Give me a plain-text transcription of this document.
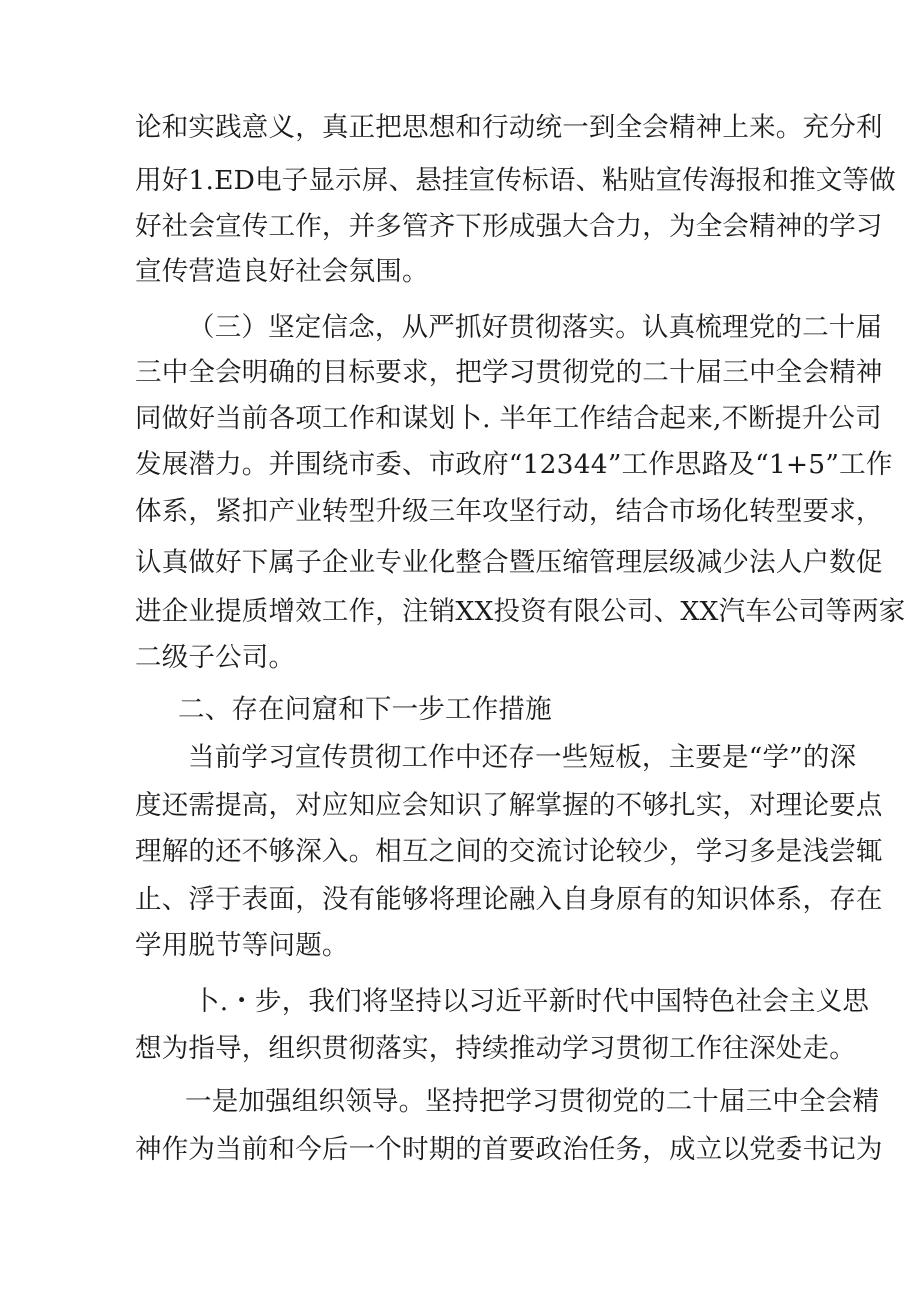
论和实践意义，真正把思想和行动统一到全会精神上来。充分利
用好1.ED电子显示屏、悬挂宣传标语、粘贴宣传海报和推文等做
好社会宣传工作，并多管齐下形成强大合力，为全会精神的学习
宣传营造良好社会氛围。
（三）坚定信念，从严抓好贯彻落实。认真梳理党的二十届
三中全会明确的目标要求，把学习贯彻党的二十届三中全会精神
同做好当前各项工作和谋划卜. 半年工作结合起来,不断提升公司
发展潜力。并围绕市委、市政府“12344”工作思路及“1+5”工作
体系，紧扣产业转型升级三年攻坚行动，结合市场化转型要求，
认真做好下属子企业专业化整合暨压缩管理层级减少法人户数促
进企业提质增效工作，注销XX投资有限公司、XX汽车公司等两家
二级子公司。
二、存在问窟和下一步工作措施
当前学习宣传贯彻工作中还存一些短板，主要是“学”的深
度还需提高，对应知应会知识了解掌握的不够扎实，对理论要点
理解的还不够深入。相互之间的交流讨论较少，学习多是浅尝辄
止、浮于表面，没有能够将理论融入自身原有的知识体系，存在
学用脱节等问题。
卜.・步，我们将坚持以习近平新时代中国特色社会主义思
想为指导，组织贯彻落实，持续推动学习贯彻工作往深处走。
一是加强组织领导。坚持把学习贯彻党的二十届三中全会精
神作为当前和今后一个时期的首要政治任务，成立以党委书记为
